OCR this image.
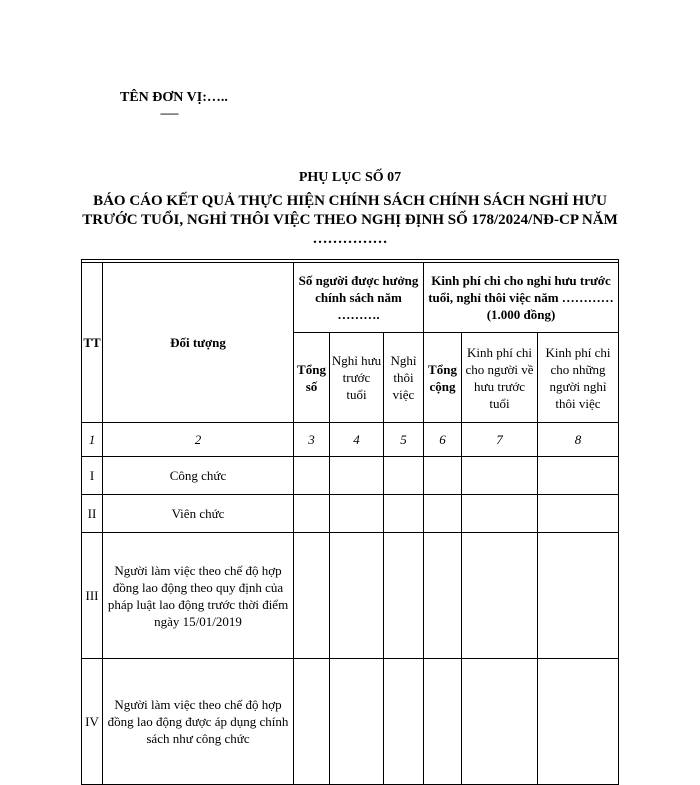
TÊN ĐƠN VỊ:…..
------
PHỤ LỤC SỐ 07
BÁO CÁO KẾT QUẢ THỰC HIỆN CHÍNH SÁCH CHÍNH SÁCH NGHỈ HƯU
TRƯỚC TUỔI, NGHỈ THÔI VIỆC THEO NGHỊ ĐỊNH SỐ 178/2024/NĐ-CP NĂM
……………

TT	Đối tượng	Số người được hưởng chính sách năm ……….			Kinh phí chi cho nghỉ hưu trước tuổi, nghỉ thôi việc năm ………… (1.000 đồng)		
		Tổng số	Nghỉ hưu trước tuổi	Nghỉ thôi việc	Tổng cộng	Kinh phí chi cho người về hưu trước tuổi	Kinh phí chi cho những người nghỉ thôi việc
1	2	3	4	5	6	7	8
I	Công chức						
II	Viên chức						
III	Người làm việc theo chế độ hợp đồng lao động theo quy định của pháp luật lao động trước thời điểm ngày 15/01/2019						
IV	Người làm việc theo chế độ hợp đồng lao động được áp dụng chính sách như công chức						
